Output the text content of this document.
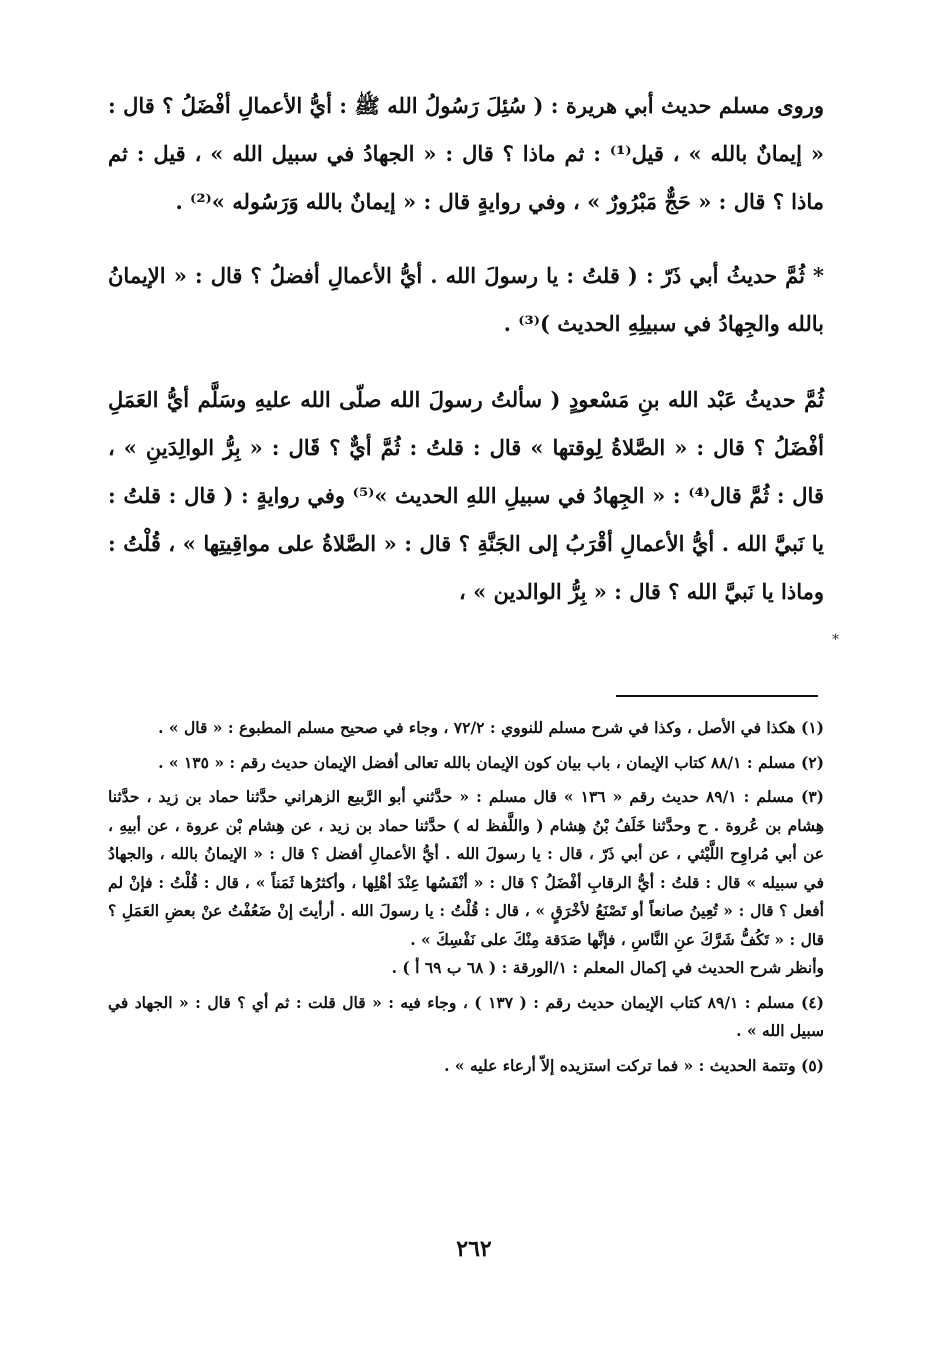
وروى مسلم حديث أبي هريرة : ( سُئِلَ رَسُولُ الله ﷺ : أيُّ الأعمالِ أفْضَلُ ؟ قال : « إيمانٌ بالله » ، قيل⁽¹⁾ : ثم ماذا ؟ قال : « الجهادُ في سبيل الله » ، قيل : ثم ماذا ؟ قال : « حَجٌّ مَبْرُورٌ » ، وفي روايةٍ قال : « إيمانٌ بالله وَرَسُوله »⁽²⁾ .

* ثُمَّ حديثُ أبي ذَرّ : ( قلتُ : يا رسولَ الله . أيُّ الأعمالِ أفضلُ ؟ قال : « الإيمانُ بالله والجِهادُ في سبيلِهِ الحديث )⁽³⁾ .

ثُمَّ حديثُ عَبْد الله بنِ مَسْعودٍ ( سألتُ رسولَ الله صلّى الله عليهِ وسَلَّم أيُّ العَمَلِ أفْضَلُ ؟ قال : « الصَّلاةُ لِوقتها » قال : قلتُ : ثُمَّ أيٌّ ؟ قَال : « بِرُّ الوالِدَينِ » ، قال : ثُمَّ قال⁽⁴⁾ : « الجِهادُ في سبيلِ اللهِ الحديث »⁽⁵⁾ وفي روايةٍ : ( قال : قلتُ : يا نَبيَّ الله . أيُّ الأعمالِ أقْرَبُ إلى الجَنَّةِ ؟ قال : « الصَّلاةُ على مواقِيتِها » ، قُلْتُ : وماذا يا نَبيَّ الله ؟ قال : « بِرُّ الوالدين » ،

*

(١) هكذا في الأصل ، وكذا في شرح مسلم للنووي : ٧٢/٢ ، وجاء في صحيح مسلم المطبوع : « قال » .

(٢) مسلم : ٨٨/١ كتاب الإيمان ، باب بيان كون الإيمان بالله تعالى أفضل الإيمان حديث رقم : « ١٣٥ » .

(٣) مسلم : ٨٩/١ حديث رقم « ١٣٦ » قال مسلم : « حدَّثني أبو الرَّبيع الزهراني حدَّثنا حماد بن زيد ، حدَّثنا هِشام بن عُروة . ح وحدَّثنا خَلَفُ بْنُ هِشام ( واللَّفظ له ) حدَّثنا حماد بن زيد ، عن هِشام بْن عروة ، عن أبيهِ ، عن أبي مُراوِح اللَّيْثي ، عن أبي ذَرّ ، قال : يا رسولَ الله . أيُّ الأعمالِ أفضل ؟ قال : « الإيمانُ بالله ، والجهادُ في سبيله » قال : قلتُ : أيُّ الرقابِ أفْضَلُ ؟ قال : « أنْفَسُها عِنْدَ أهْلِها ، وأكثرُها ثَمَناً » ، قال : قُلْتُ : فإنْ لم أفعل ؟ قال : « تُعِينُ صانعاً أو تَصْنَعُ لأخْرَقٍ » ، قال : قُلْتُ : يا رسولَ الله . أرأيتَ إنْ ضَعُفْتُ عنْ بعضِ العَمَلِ ؟ قال : « تَكُفُّ شَرَّكَ عنِ النَّاسِ ، فإنَّها صَدَقة مِنْكَ على نَفْسِكَ » .

وأنظر شرح الحديث في إكمال المعلم : ١/الورقة : ( ٦٨ ب ٦٩ أ ) .

(٤) مسلم : ٨٩/١ كتاب الإيمان حديث رقم : ( ١٣٧ ) ، وجاء فيه : « قال قلت : ثم أي ؟ قال : « الجهاد في سبيل الله » .

(٥) وتتمة الحديث : « فما تركت استزيده إلاّ أرعاء عليه » .

٢٦٢
